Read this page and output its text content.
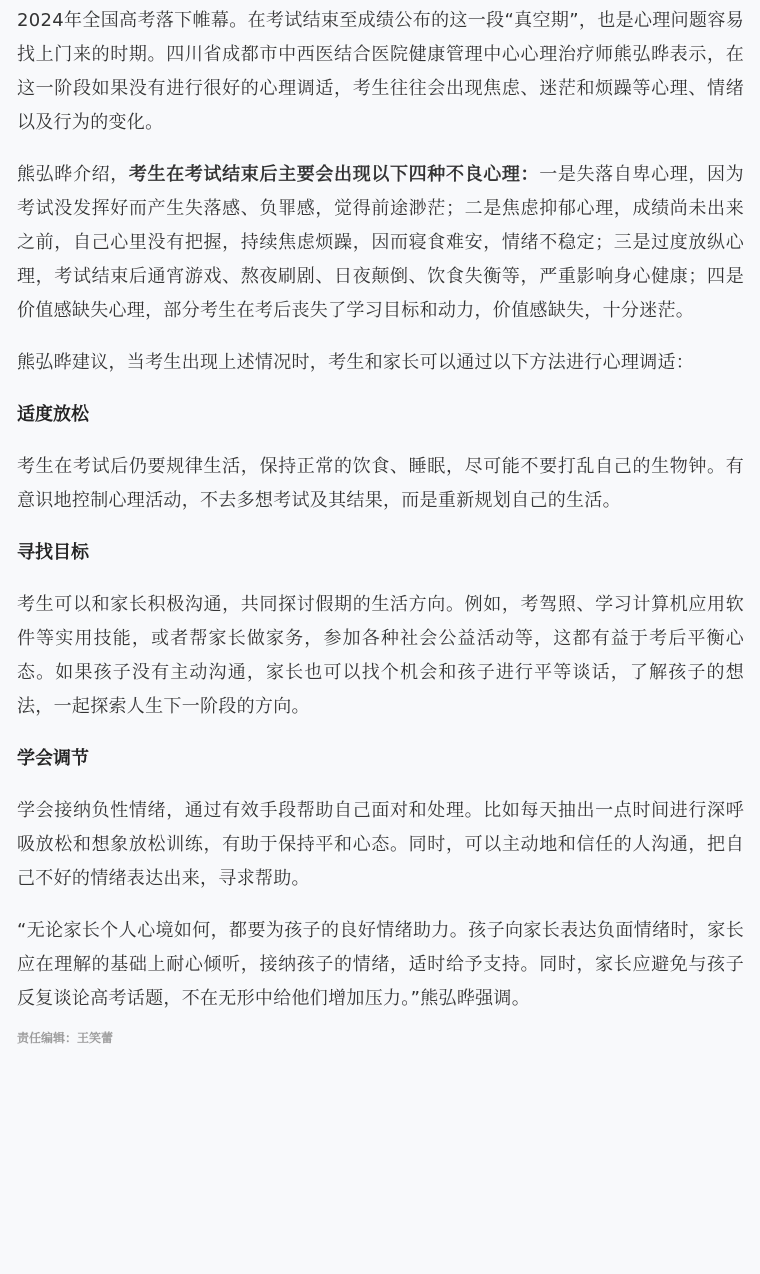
2024年全国高考落下帷幕。在考试结束至成绩公布的这一段“真空期”，也是心理问题容易找上门来的时期。四川省成都市中西医结合医院健康管理中心心理治疗师熊弘晔表示，在这一阶段如果没有进行很好的心理调适，考生往往会出现焦虑、迷茫和烦躁等心理、情绪以及行为的变化。

熊弘晔介绍，考生在考试结束后主要会出现以下四种不良心理：一是失落自卑心理，因为考试没发挥好而产生失落感、负罪感，觉得前途渺茫；二是焦虑抑郁心理，成绩尚未出来之前，自己心里没有把握，持续焦虑烦躁，因而寝食难安，情绪不稳定；三是过度放纵心理，考试结束后通宵游戏、熬夜刷剧、日夜颠倒、饮食失衡等，严重影响身心健康；四是价值感缺失心理，部分考生在考后丧失了学习目标和动力，价值感缺失，十分迷茫。

熊弘晔建议，当考生出现上述情况时，考生和家长可以通过以下方法进行心理调适：

适度放松

考生在考试后仍要规律生活，保持正常的饮食、睡眠，尽可能不要打乱自己的生物钟。有意识地控制心理活动，不去多想考试及其结果，而是重新规划自己的生活。

寻找目标

考生可以和家长积极沟通，共同探讨假期的生活方向。例如，考驾照、学习计算机应用软件等实用技能，或者帮家长做家务，参加各种社会公益活动等，这都有益于考后平衡心态。如果孩子没有主动沟通，家长也可以找个机会和孩子进行平等谈话，了解孩子的想法，一起探索人生下一阶段的方向。

学会调节

学会接纳负性情绪，通过有效手段帮助自己面对和处理。比如每天抽出一点时间进行深呼吸放松和想象放松训练，有助于保持平和心态。同时，可以主动地和信任的人沟通，把自己不好的情绪表达出来，寻求帮助。

“无论家长个人心境如何，都要为孩子的良好情绪助力。孩子向家长表达负面情绪时，家长应在理解的基础上耐心倾听，接纳孩子的情绪，适时给予支持。同时，家长应避免与孩子反复谈论高考话题，不在无形中给他们增加压力。”熊弘晔强调。

责任编辑：王笑蕾
